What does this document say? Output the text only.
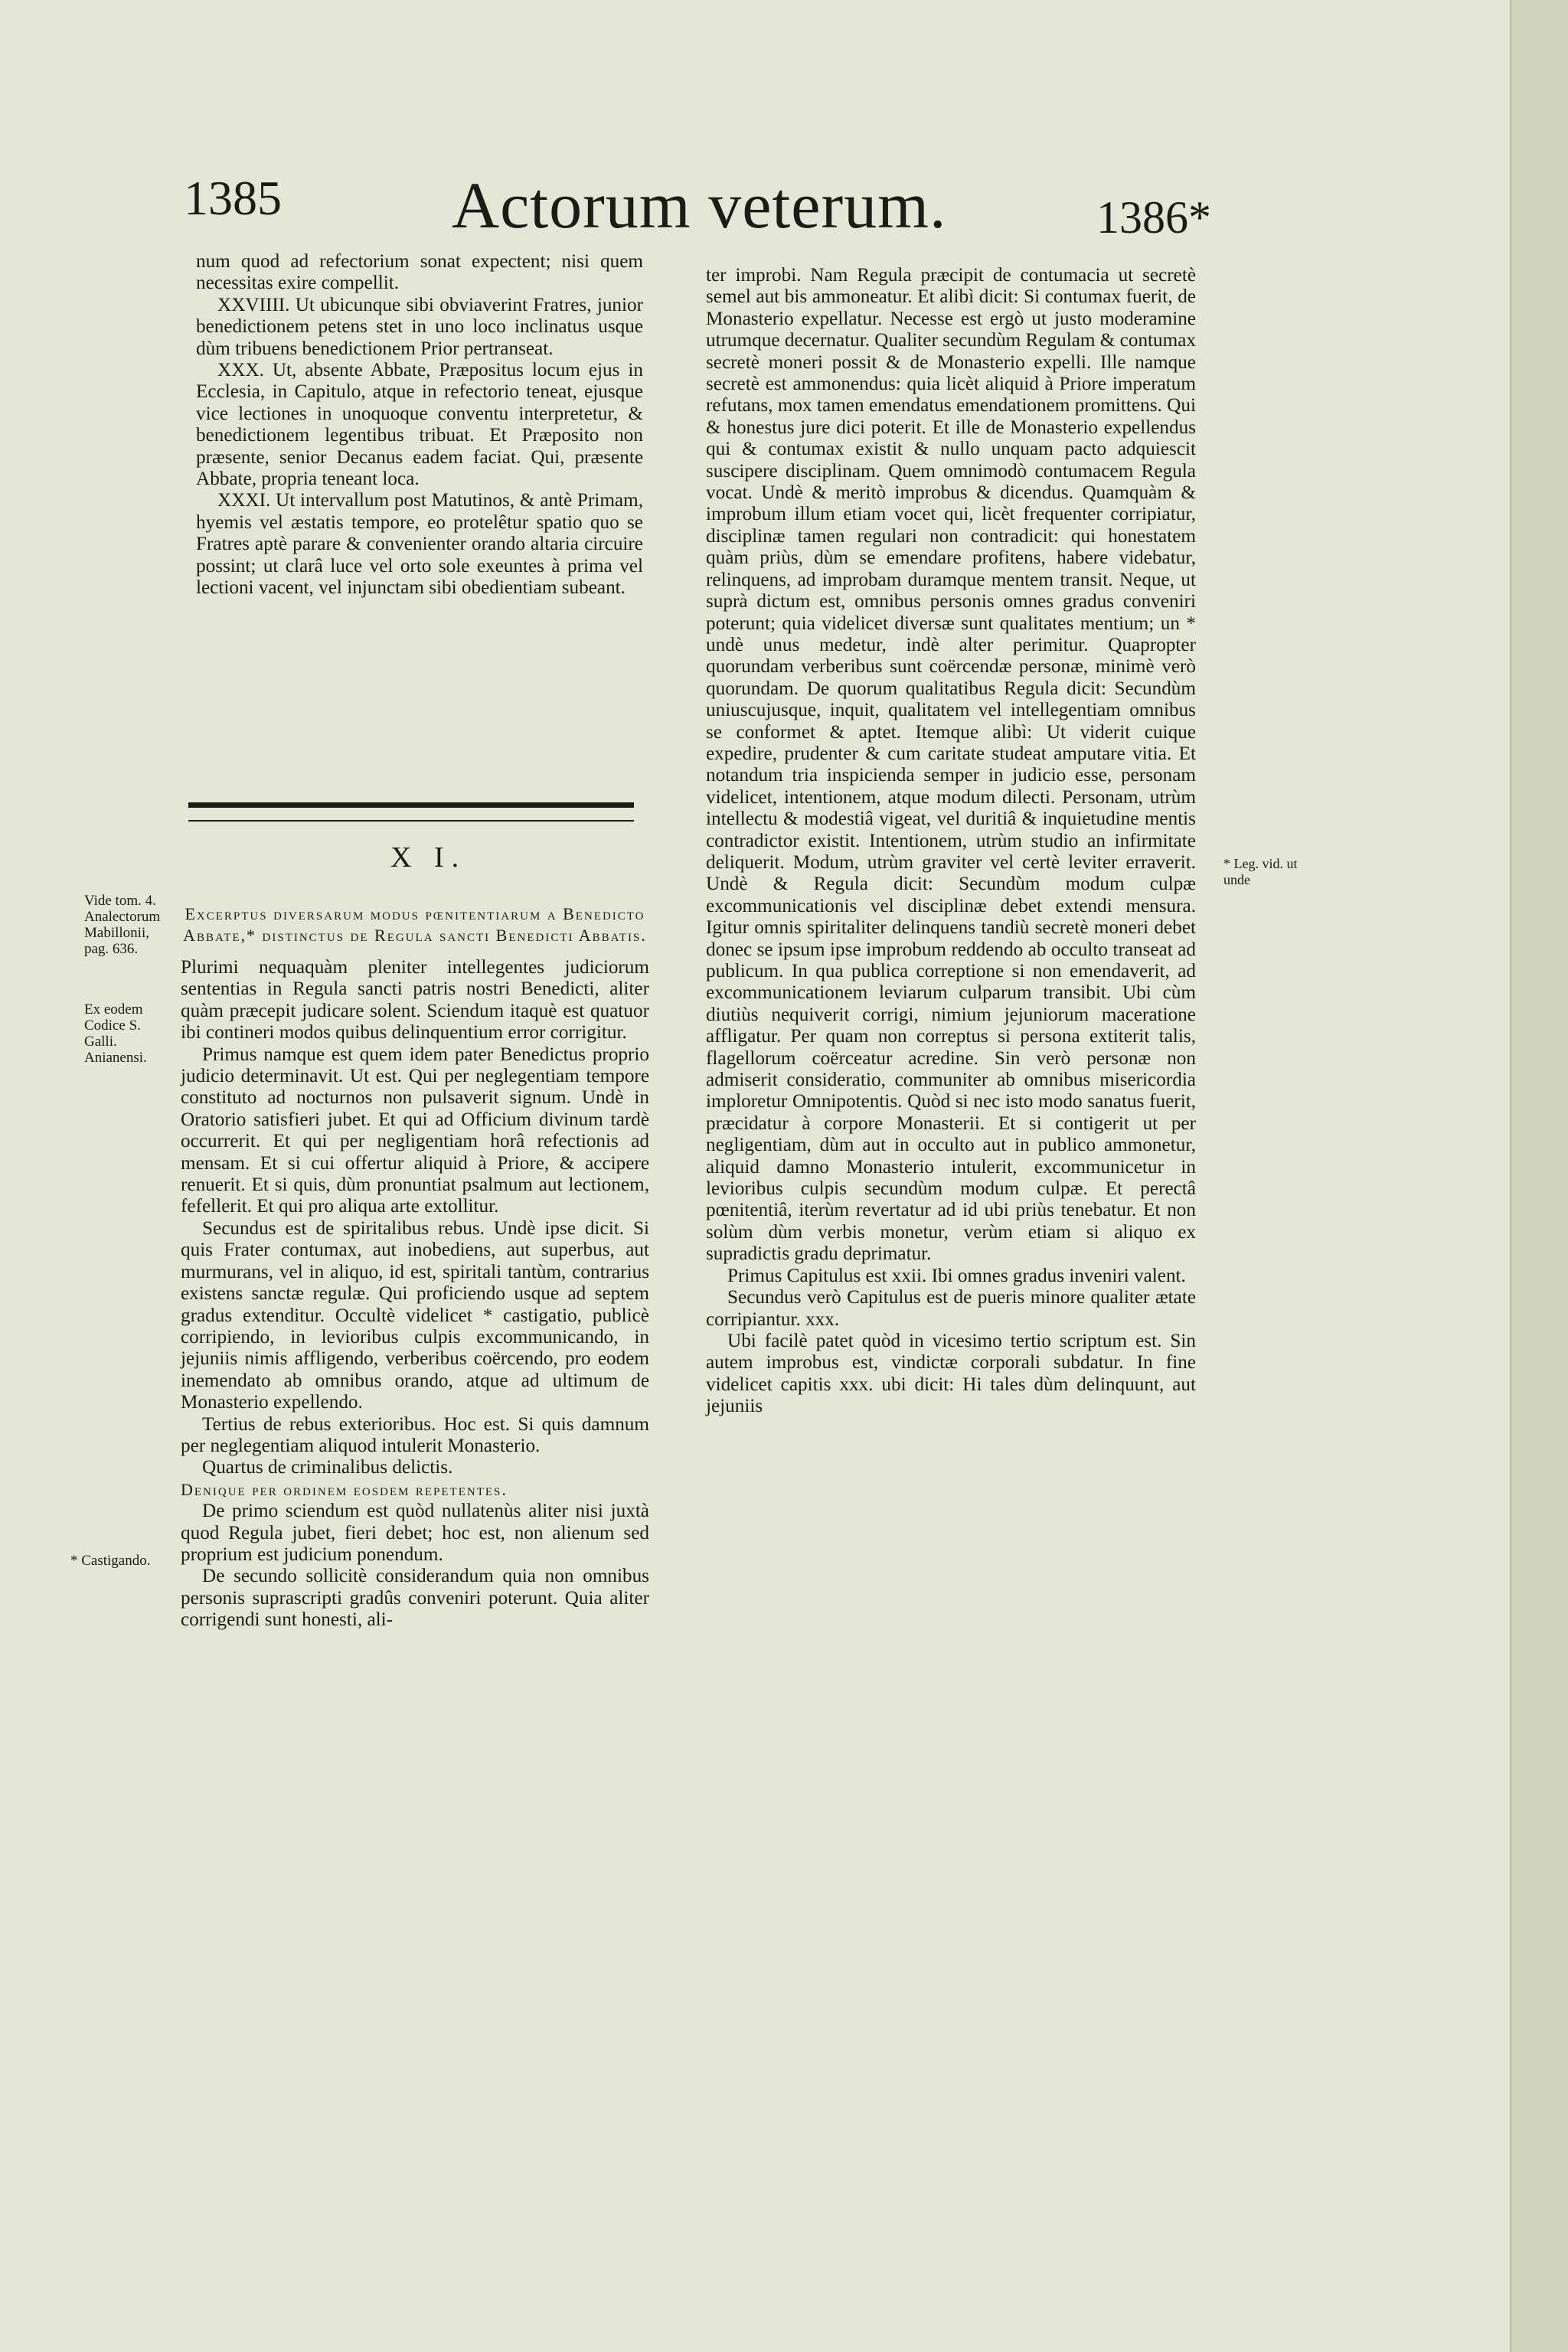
1385	Actorum veterum.	1386*

num quod ad refectorium sonat expectent; nisi quem necessitas exire compellit.

XXVIIII. Ut ubicunque sibi obviaverint Fratres, junior benedictionem petens stet in uno loco inclinatus usque dùm tribuens benedictionem Prior pertranseat.

XXX. Ut, absente Abbate, Præpositus locum ejus in Ecclesia, in Capitulo, atque in refectorio teneat, ejusque vice lectiones in unoquoque conventu interpretetur, & benedictionem legentibus tribuat. Et Præposito non præsente, senior Decanus eadem faciat. Qui, præsente Abbate, propria teneant loca.

XXXI. Ut intervallum post Matutinos, & antè Primam, hyemis vel æstatis tempore, eo protelêtur spatio quo se Fratres aptè parare & convenienter orando altaria circuire possint; ut clarâ luce vel orto sole exeuntes à prima vel lectioni vacent, vel injunctam sibi obedientiam subeant.

X I.
Vide tom. 4. Analectorum Mabillonii, pag. 636.
Ex eodem Codice S. Galli. Anianensi.
* Castigando.
* Leg. vid. ut unde

Excerptus diversarum modus pœnitentiarum a Benedicto Abbate,* distinctus de Regula sancti Benedicti Abbatis.

Plurimi nequaquàm pleniter intellegentes judiciorum sententias in Regula sancti patris nostri Benedicti, aliter quàm præcepit judicare solent. Sciendum itaquè est quatuor ibi contineri modos quibus delinquentium error corrigitur.

Primus namque est quem idem pater Benedictus proprio judicio determinavit. Ut est. Qui per neglegentiam tempore constituto ad nocturnos non pulsaverit signum. Undè in Oratorio satisfieri jubet. Et qui ad Officium divinum tardè occurrerit. Et qui per negligentiam horâ refectionis ad mensam. Et si cui offertur aliquid à Priore, & accipere renuerit. Et si quis, dùm pronuntiat psalmum aut lectionem, fefellerit. Et qui pro aliqua arte extollitur.

Secundus est de spiritalibus rebus. Undè ipse dicit. Si quis Frater contumax, aut inobediens, aut superbus, aut murmurans, vel in aliquo, id est, spiritali tantùm, contrarius existens sanctæ regulæ. Qui proficiendo usque ad septem gradus extenditur. Occultè videlicet * castigatio, publicè corripiendo, in levioribus culpis excommunicando, in jejuniis nimis affligendo, verberibus coërcendo, pro eodem inemendato ab omnibus orando, atque ad ultimum de Monasterio expellendo.

Tertius de rebus exterioribus. Hoc est. Si quis damnum per neglegentiam aliquod intulerit Monasterio.

Quartus de criminalibus delictis.

Denique per ordinem eosdem repetentes.

De primo sciendum est quòd nullatenùs aliter nisi juxtà quod Regula jubet, fieri debet; hoc est, non alienum sed proprium est judicium ponendum.

De secundo sollicitè considerandum quia non omnibus personis suprascripti gradûs conveniri poterunt. Quia aliter corrigendi sunt honesti, ali-

ter improbi. Nam Regula præcipit de contumacia ut secretè semel aut bis ammoneatur. Et alibì dicit: Si contumax fuerit, de Monasterio expellatur. Necesse est ergò ut justo moderamine utrumque decernatur. Qualiter secundùm Regulam & contumax secretè moneri possit & de Monasterio expelli. Ille namque secretè est ammonendus: quia licèt aliquid à Priore imperatum refutans, mox tamen emendatus emendationem promittens. Qui & honestus jure dici poterit. Et ille de Monasterio expellendus qui & contumax existit & nullo unquam pacto adquiescit suscipere disciplinam. Quem omnimodò contumacem Regula vocat. Undè & meritò improbus & dicendus. Quamquàm & improbum illum etiam vocet qui, licèt frequenter corripiatur, disciplinæ tamen regulari non contradicit: qui honestatem quàm priùs, dùm se emendare profitens, habere videbatur, relinquens, ad improbam duramque mentem transit. Neque, ut suprà dictum est, omnibus personis omnes gradus conveniri poterunt; quia videlicet diversæ sunt qualitates mentium; un * undè unus medetur, indè alter perimitur. Quapropter quorundam verberibus sunt coërcendæ personæ, minimè verò quorundam. De quorum qualitatibus Regula dicit: Secundùm uniuscujusque, inquit, qualitatem vel intellegentiam omnibus se conformet & aptet. Itemque alibì: Ut viderit cuique expedire, prudenter & cum caritate studeat amputare vitia. Et notandum tria inspicienda semper in judicio esse, personam videlicet, intentionem, atque modum dilecti. Personam, utrùm intellectu & modestiâ vigeat, vel duritiâ & inquietudine mentis contradictor existit. Intentionem, utrùm studio an infirmitate deliquerit. Modum, utrùm graviter vel certè leviter erraverit. Undè & Regula dicit: Secundùm modum culpæ excommunicationis vel disciplinæ debet extendi mensura. Igitur omnis spiritaliter delinquens tandiù secretè moneri debet donec se ipsum ipse improbum reddendo ab occulto transeat ad publicum. In qua publica correptione si non emendaverit, ad excommunicationem leviarum culparum transibit. Ubi cùm diutiùs nequiverit corrigi, nimium jejuniorum maceratione affligatur. Per quam non correptus si persona extiterit talis, flagellorum coërceatur acredine. Sin verò personæ non admiserit consideratio, communiter ab omnibus misericordia imploretur Omnipotentis. Quòd si nec isto modo sanatus fuerit, præcidatur à corpore Monasterii. Et si contigerit ut per negligentiam, dùm aut in occulto aut in publico ammonetur, aliquid damno Monasterio intulerit, excommunicetur in levioribus culpis secundùm modum culpæ. Et perectâ pœnitentiâ, iterùm revertatur ad id ubi priùs tenebatur. Et non solùm dùm verbis monetur, verùm etiam si aliquo ex supradictis gradu deprimatur.

Primus Capitulus est xxii. Ibi omnes gradus inveniri valent.

Secundus verò Capitulus est de pueris minore qualiter ætate corripiantur. xxx.

Ubi facilè patet quòd in vicesimo tertio scriptum est. Sin autem improbus est, vindictæ corporali subdatur. In fine videlicet capitis xxx. ubi dicit: Hi tales dùm delinquunt, aut jejuniis
